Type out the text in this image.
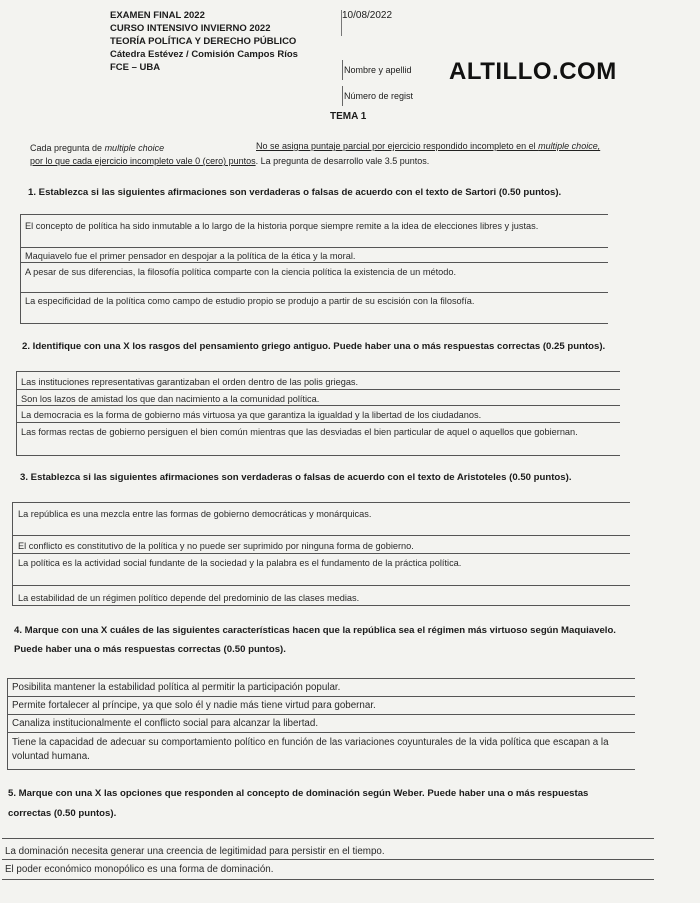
EXAMEN FINAL 2022
CURSO INTENSIVO INVIERNO 2022
TEORÍA POLÍTICA Y DERECHO PÚBLICO
Cátedra Estévez / Comisión Campos Ríos
FCE – UBA
10/08/2022
Nombre y apellid
Número de regist
ALTILLO.COM
TEMA 1
Cada pregunta de multiple choice	No se asigna puntaje parcial por ejercicio respondido incompleto en el multiple choice,
por lo que cada ejercicio incompleto vale 0 (cero) puntos. La pregunta de desarrollo vale 3.5 puntos.
1. Establezca si las siguientes afirmaciones son verdaderas o falsas de acuerdo con el texto de Sartori (0.50 puntos).
El concepto de política ha sido inmutable a lo largo de la historia porque siempre remite a la idea de elecciones libres y justas.
Maquiavelo fue el primer pensador en despojar a la política de la ética y la moral.
A pesar de sus diferencias, la filosofía política comparte con la ciencia política la existencia de un método.
La especificidad de la política como campo de estudio propio se produjo a partir de su escisión con la filosofía.
2. Identifique con una X los rasgos del pensamiento griego antiguo. Puede haber una o más respuestas correctas (0.25 puntos).
Las instituciones representativas garantizaban el orden dentro de las polis griegas.
Son los lazos de amistad los que dan nacimiento a la comunidad política.
La democracia es la forma de gobierno más virtuosa ya que garantiza la igualdad y la libertad de los ciudadanos.
Las formas rectas de gobierno persiguen el bien común mientras que las desviadas el bien particular de aquel o aquellos que gobiernan.
3. Establezca si las siguientes afirmaciones son verdaderas o falsas de acuerdo con el texto de Aristoteles (0.50 puntos).
La república es una mezcla entre las formas de gobierno democráticas y monárquicas.
El conflicto es constitutivo de la política y no puede ser suprimido por ninguna forma de gobierno.
La política es la actividad social fundante de la sociedad y la palabra es el fundamento de la práctica política.
La estabilidad de un régimen político depende del predominio de las clases medias.
4. Marque con una X cuáles de las siguientes características hacen que la república sea el régimen más virtuoso según Maquiavelo.
Puede haber una o más respuestas correctas (0.50 puntos).
Posibilita mantener la estabilidad política al permitir la participación popular.
Permite fortalecer al príncipe, ya que solo él y nadie más tiene virtud para gobernar.
Canaliza institucionalmente el conflicto social para alcanzar la libertad.
Tiene la capacidad de adecuar su comportamiento político en función de las variaciones coyunturales de la vida política que escapan a la voluntad humana.
5. Marque con una X las opciones que responden al concepto de dominación según Weber. Puede haber una o más respuestas
correctas (0.50 puntos).
La dominación necesita generar una creencia de legitimidad para persistir en el tiempo.
El poder económico monopólico es una forma de dominación.
